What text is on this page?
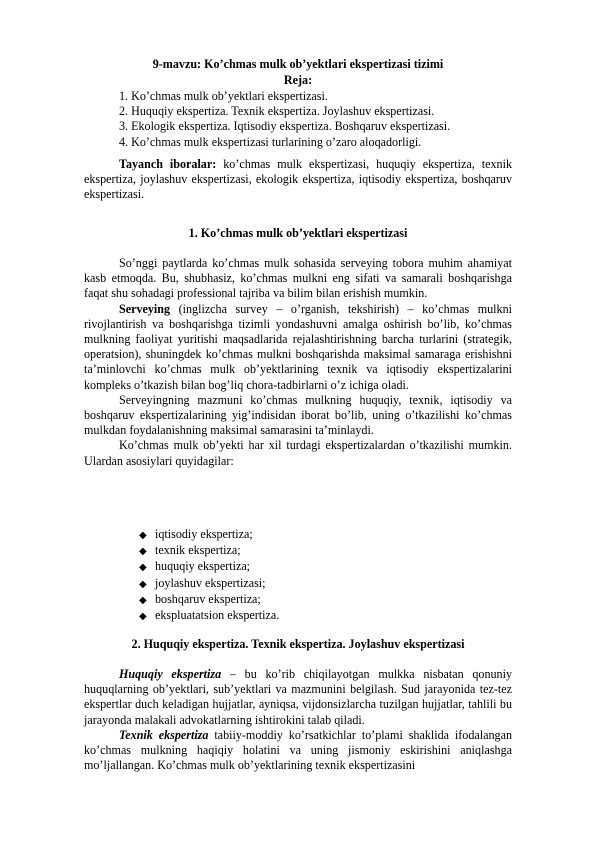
9-mavzu: Ko’chmas mulk ob’yektlari ekspertizasi tizimi
Reja:
1. Ko’chmas mulk ob’yektlari ekspertizasi.
2. Huquqiy ekspertiza. Texnik ekspertiza. Joylashuv ekspertizasi.
3. Ekologik ekspertiza. Iqtisodiy ekspertiza. Boshqaruv ekspertizasi.
4. Ko’chmas mulk ekspertizasi turlarining o’zaro aloqadorligi.

Tayanch iboralar: ko’chmas mulk ekspertizasi, huquqiy ekspertiza, texnik ekspertiza, joylashuv ekspertizasi, ekologik ekspertiza, iqtisodiy ekspertiza, boshqaruv ekspertizasi.

1. Ko’chmas mulk ob’yektlari ekspertizasi

So’nggi paytlarda ko’chmas mulk sohasida serveying tobora muhim ahamiyat kasb etmoqda. Bu, shubhasiz, ko’chmas mulkni eng sifati va samarali boshqarishga faqat shu sohadagi professional tajriba va bilim bilan erishish mumkin.

Serveying (inglizcha survey – o’rganish, tekshirish) – ko’chmas mulkni rivojlantirish va boshqarishga tizimli yondashuvni amalga oshirish bo’lib, ko’chmas mulkning faoliyat yuritishi maqsadlarida rejalashtirishning barcha turlarini (strategik, operatsion), shuningdek ko’chmas mulkni boshqarishda maksimal samaraga erishishni ta’minlovchi ko’chmas mulk ob’yektlarining texnik va iqtisodiy ekspertizalarini kompleks o’tkazish bilan bog’liq chora-tadbirlarni o’z ichiga oladi.

Serveyingning mazmuni ko’chmas mulkning huquqiy, texnik, iqtisodiy va boshqaruv ekspertizalarining yig’indisidan iborat bo’lib, uning o’tkazilishi ko’chmas mulkdan foydalanishning maksimal samarasini ta’minlaydi.

Ko’chmas mulk ob’yekti har xil turdagi ekspertizalardan o’tkazilishi mumkin. Ulardan asosiylari quyidagilar:

◆ iqtisodiy ekspertiza;
◆ texnik ekspertiza;
◆ huquqiy ekspertiza;
◆ joylashuv ekspertizasi;
◆ boshqaruv ekspertiza;
◆ ekspluatatsion ekspertiza.
2. Huquqiy ekspertiza. Texnik ekspertiza. Joylashuv ekspertizasi

Huquqiy ekspertiza – bu ko’rib chiqilayotgan mulkka nisbatan qonuniy huquqlarning ob’yektlari, sub’yektlari va mazmunini belgilash. Sud jarayonida tez-tez ekspertlar duch keladigan hujjatlar, ayniqsa, vijdonsizlarcha tuzilgan hujjatlar, tahlili bu jarayonda malakali advokatlarning ishtirokini talab qiladi.

Texnik ekspertiza tabiiy-moddiy ko’rsatkichlar to’plami shaklida ifodalangan ko’chmas mulkning haqiqiy holatini va uning jismoniy eskirishini aniqlashga mo’ljallangan. Ko’chmas mulk ob’yektlarining texnik ekspertizasini
